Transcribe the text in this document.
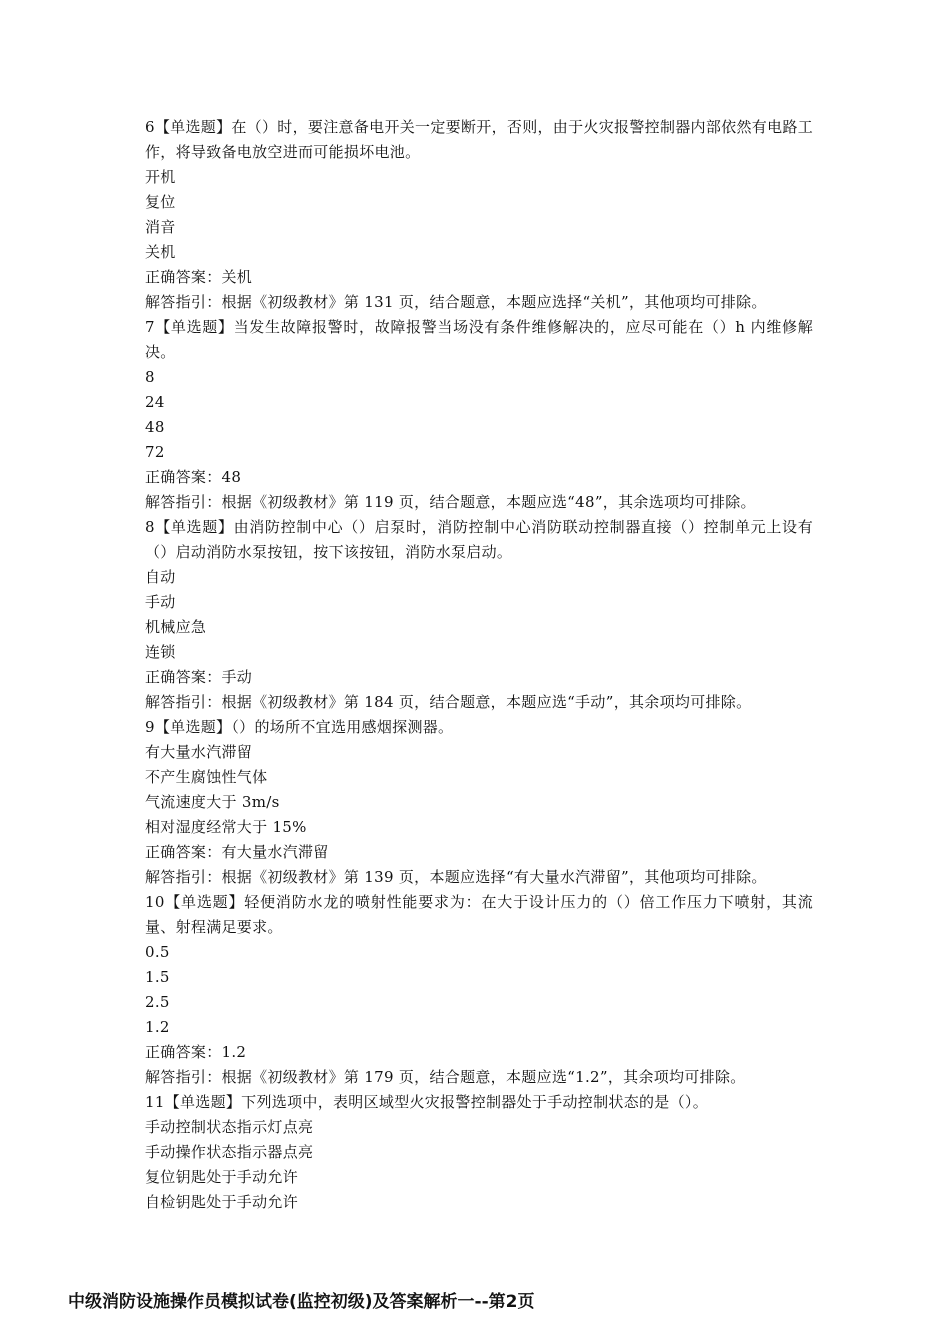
6【单选题】在（）时，要注意备电开关一定要断开，否则，由于火灾报警控制器内部依然有电路工作，将导致备电放空进而可能损坏电池。
开机
复位
消音
关机
正确答案：关机
解答指引：根据《初级教材》第 131 页，结合题意，本题应选择“关机”，其他项均可排除。
7【单选题】当发生故障报警时，故障报警当场没有条件维修解决的，应尽可能在（）h 内维修解决。
8
24
48
72
正确答案：48
解答指引：根据《初级教材》第 119 页，结合题意，本题应选“48”，其余选项均可排除。
8【单选题】由消防控制中心（）启泵时，消防控制中心消防联动控制器直接（）控制单元上设有（）启动消防水泵按钮，按下该按钮，消防水泵启动。
自动
手动
机械应急
连锁
正确答案：手动
解答指引：根据《初级教材》第 184 页，结合题意，本题应选“手动”，其余项均可排除。
9【单选题】（）的场所不宜选用感烟探测器。
有大量水汽滞留
不产生腐蚀性气体
气流速度大于 3m/s
相对湿度经常大于 15%
正确答案：有大量水汽滞留
解答指引：根据《初级教材》第 139 页，本题应选择“有大量水汽滞留”，其他项均可排除。
10【单选题】轻便消防水龙的喷射性能要求为：在大于设计压力的（）倍工作压力下喷射，其流量、射程满足要求。
0.5
1.5
2.5
1.2
正确答案：1.2
解答指引：根据《初级教材》第 179 页，结合题意，本题应选“1.2”，其余项均可排除。
11【单选题】下列选项中，表明区域型火灾报警控制器处于手动控制状态的是（）。
手动控制状态指示灯点亮
手动操作状态指示器点亮
复位钥匙处于手动允许
自检钥匙处于手动允许
中级消防设施操作员模拟试卷(监控初级)及答案解析一--第2页
